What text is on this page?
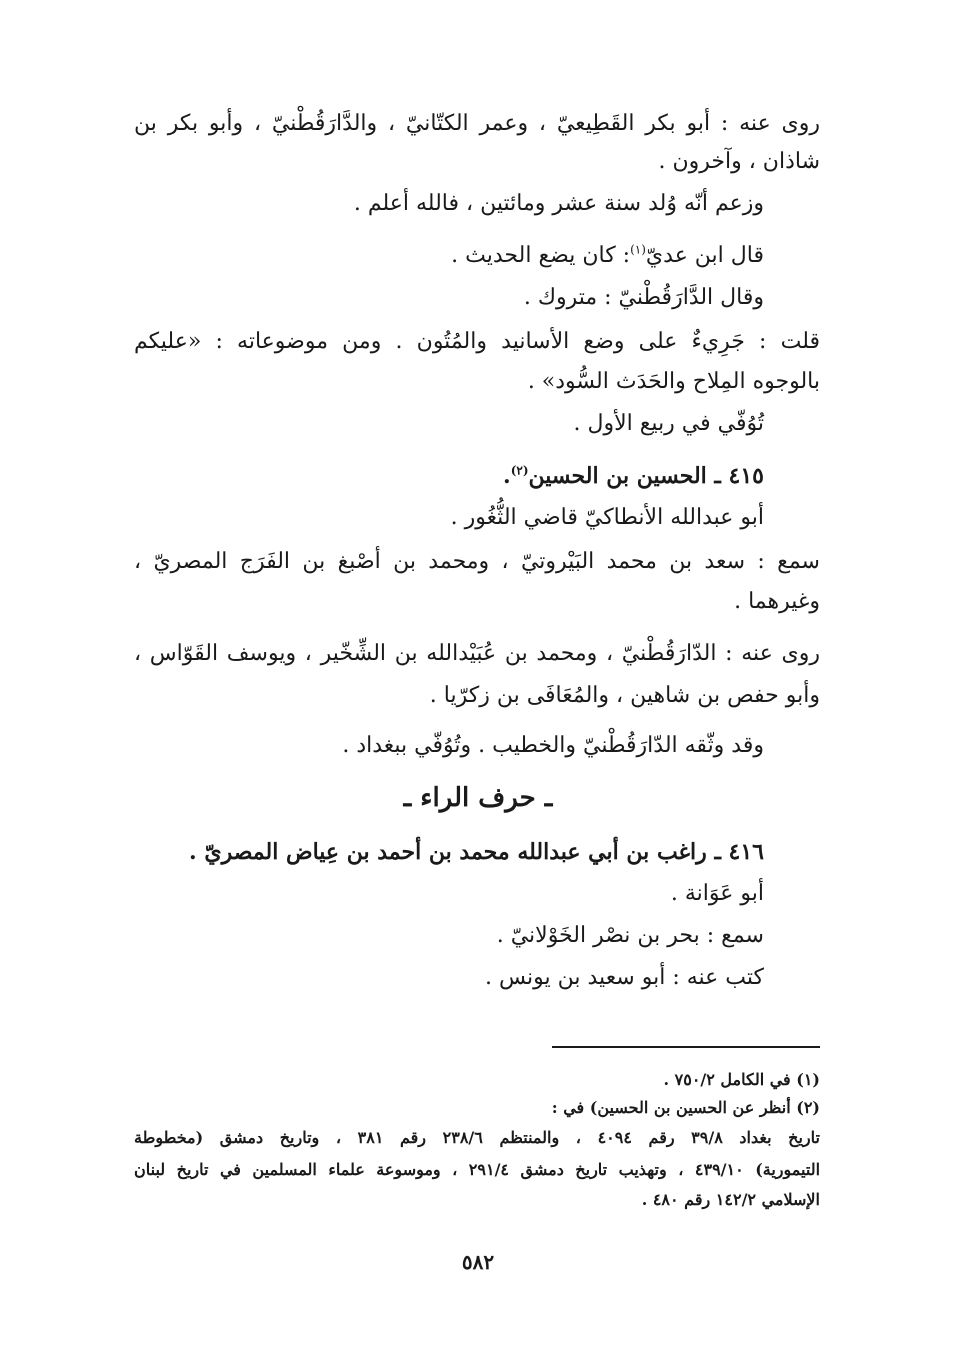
روى عنه : أبو بكر القَطِيعيّ ، وعمر الكتّانيّ ، والدَّارَقُطْنيّ ، وأبو بكر بن
شاذان ، وآخرون .
وزعم أنّه وُلد سنة عشر ومائتين ، فالله أعلم .
قال ابن عديّ$^{(١)}$: كان يضع الحديث .
وقال الدَّارَقُطْنيّ : متروك .
قلت : جَرِيءٌ على وضع الأسانيد والمُتُون . ومن موضوعاته : «عليكم
بالوجوه المِلاح والحَدَث السُّود» .
تُوُفّي في ربيع الأول .
٤١٥ ـ الحسين بن الحسين$^{(٢)}$.
أبو عبدالله الأنطاكيّ قاضي الثُّغُور .
سمع : سعد بن محمد البَيْروتيّ ، ومحمد بن أصْبغ بن الفَرَج المصريّ ،
وغيرهما .
روى عنه : الدّارَقُطْنيّ ، ومحمد بن عُبَيْدالله بن الشِّخّير ، ويوسف القَوّاس ،
وأبو حفص بن شاهين ، والمُعَافَى بن زكرّيا .
وقد وثّقه الدّارَقُطْنيّ والخطيب . وتُوُفّي ببغداد .
ـ حرف الراء ـ
٤١٦ ـ راغب بن أبي عبدالله محمد بن أحمد بن عِياض المصريّ .
أبو عَوَانة .
سمع : بحر بن نصْر الخَوْلانيّ .
كتب عنه : أبو سعيد بن يونس .
(١) في الكامل ٧٥٠/٢ .
(٢) أنظر عن الحسين بن الحسين) في :
تاريخ بغداد ٣٩/٨ رقم ٤٠٩٤ ، والمنتظم ٢٣٨/٦ رقم ٣٨١ ، وتاريخ دمشق (مخطوطة
التيمورية) ٤٣٩/١٠ ، وتهذيب تاريخ دمشق ٢٩١/٤ ، وموسوعة علماء المسلمين في تاريخ لبنان
الإسلامي ١٤٢/٢ رقم ٤٨٠ .
٥٨٢
